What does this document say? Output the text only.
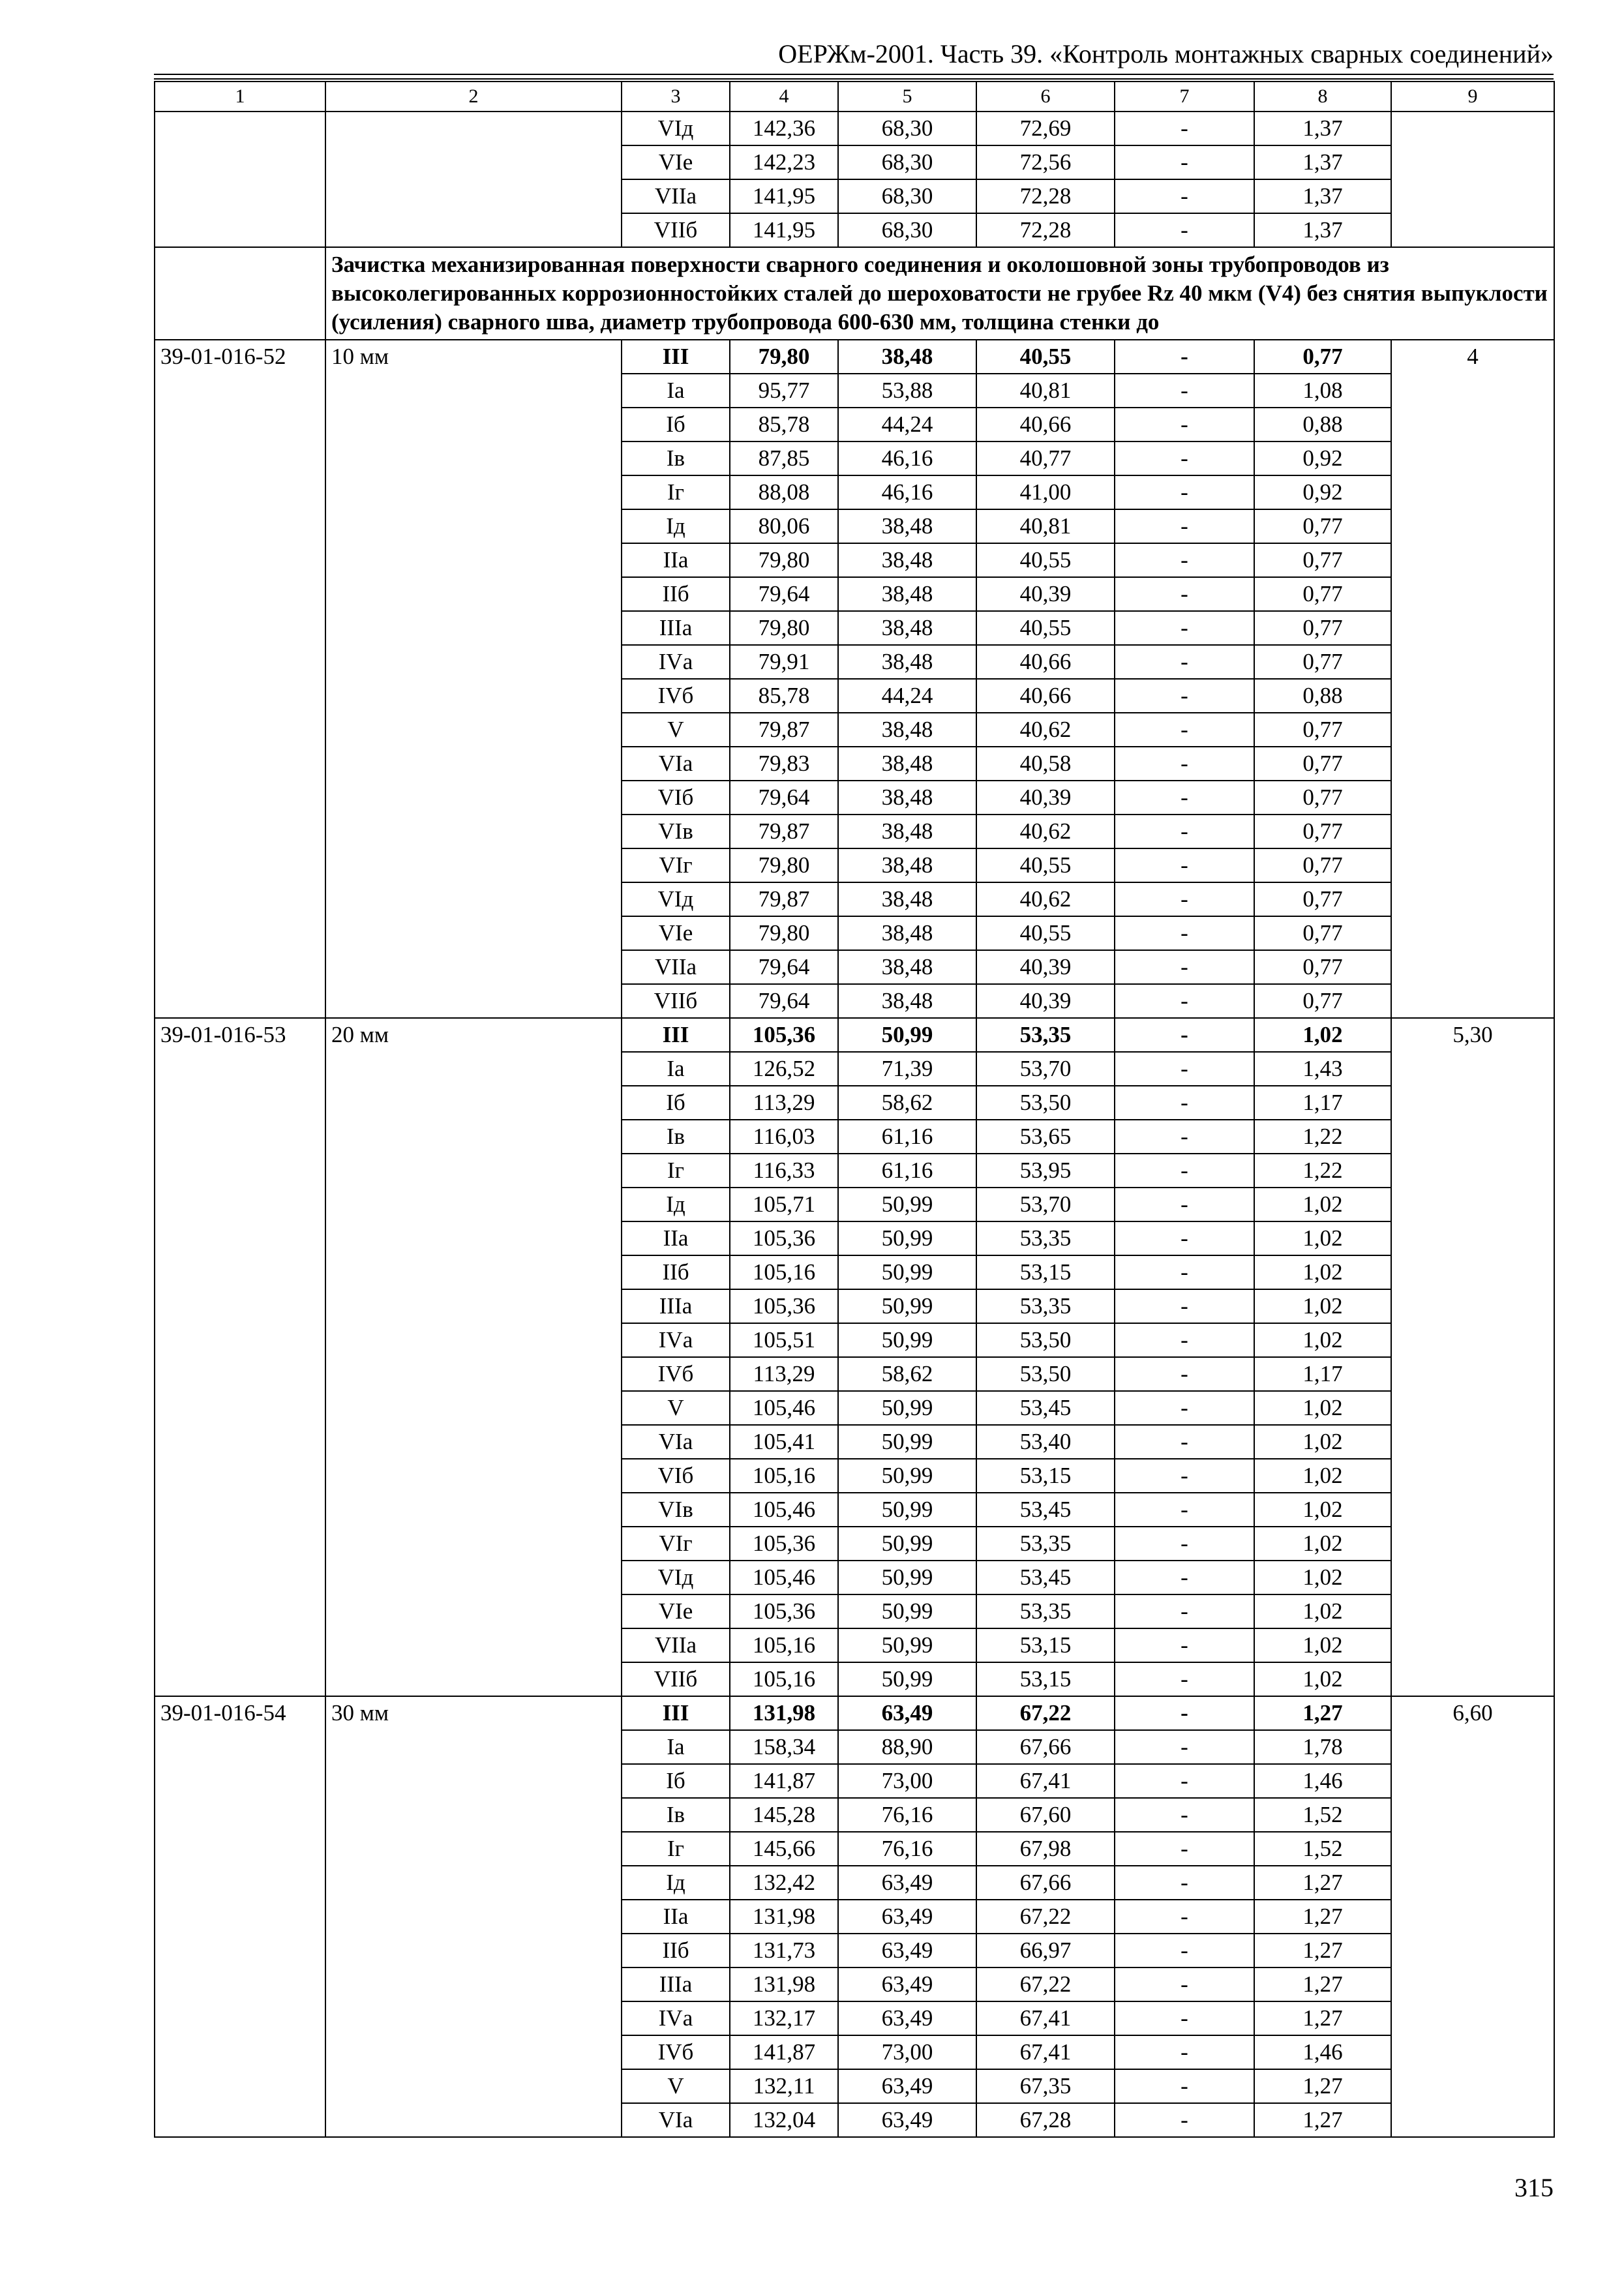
ОЕРЖм-2001. Часть 39. «Контроль монтажных сварных соединений»
1	2	3	4	5	6	7	8	9
		VIд	142,36	68,30	72,69	-	1,37	
		VIе	142,23	68,30	72,56	-	1,37	
		VIIа	141,95	68,30	72,28	-	1,37	
		VIIб	141,95	68,30	72,28	-	1,37	
	Зачистка механизированная поверхности сварного соединения и околошовной зоны трубопроводов из высоколегированных коррозионностойких сталей до шероховатости не грубее Rz 40 мкм (V4) без снятия выпуклости (усиления) сварного шва, диаметр трубопровода 600-630 мм, толщина стенки до							
39-01-016-52	10 мм	III	79,80	38,48	40,55	-	0,77	4
		Iа	95,77	53,88	40,81	-	1,08	
		Iб	85,78	44,24	40,66	-	0,88	
		Iв	87,85	46,16	40,77	-	0,92	
		Iг	88,08	46,16	41,00	-	0,92	
		Iд	80,06	38,48	40,81	-	0,77	
		IIа	79,80	38,48	40,55	-	0,77	
		IIб	79,64	38,48	40,39	-	0,77	
		IIIа	79,80	38,48	40,55	-	0,77	
		IVа	79,91	38,48	40,66	-	0,77	
		IVб	85,78	44,24	40,66	-	0,88	
		V	79,87	38,48	40,62	-	0,77	
		VIа	79,83	38,48	40,58	-	0,77	
		VIб	79,64	38,48	40,39	-	0,77	
		VIв	79,87	38,48	40,62	-	0,77	
		VIг	79,80	38,48	40,55	-	0,77	
		VIд	79,87	38,48	40,62	-	0,77	
		VIе	79,80	38,48	40,55	-	0,77	
		VIIа	79,64	38,48	40,39	-	0,77	
		VIIб	79,64	38,48	40,39	-	0,77	
39-01-016-53	20 мм	III	105,36	50,99	53,35	-	1,02	5,30
		Iа	126,52	71,39	53,70	-	1,43	
		Iб	113,29	58,62	53,50	-	1,17	
		Iв	116,03	61,16	53,65	-	1,22	
		Iг	116,33	61,16	53,95	-	1,22	
		Iд	105,71	50,99	53,70	-	1,02	
		IIа	105,36	50,99	53,35	-	1,02	
		IIб	105,16	50,99	53,15	-	1,02	
		IIIа	105,36	50,99	53,35	-	1,02	
		IVа	105,51	50,99	53,50	-	1,02	
		IVб	113,29	58,62	53,50	-	1,17	
		V	105,46	50,99	53,45	-	1,02	
		VIа	105,41	50,99	53,40	-	1,02	
		VIб	105,16	50,99	53,15	-	1,02	
		VIв	105,46	50,99	53,45	-	1,02	
		VIг	105,36	50,99	53,35	-	1,02	
		VIд	105,46	50,99	53,45	-	1,02	
		VIе	105,36	50,99	53,35	-	1,02	
		VIIа	105,16	50,99	53,15	-	1,02	
		VIIб	105,16	50,99	53,15	-	1,02	
39-01-016-54	30 мм	III	131,98	63,49	67,22	-	1,27	6,60
		Iа	158,34	88,90	67,66	-	1,78	
		Iб	141,87	73,00	67,41	-	1,46	
		Iв	145,28	76,16	67,60	-	1,52	
		Iг	145,66	76,16	67,98	-	1,52	
		Iд	132,42	63,49	67,66	-	1,27	
		IIа	131,98	63,49	67,22	-	1,27	
		IIб	131,73	63,49	66,97	-	1,27	
		IIIа	131,98	63,49	67,22	-	1,27	
		IVа	132,17	63,49	67,41	-	1,27	
		IVб	141,87	73,00	67,41	-	1,46	
		V	132,11	63,49	67,35	-	1,27	
		VIа	132,04	63,49	67,28	-	1,27	
315
